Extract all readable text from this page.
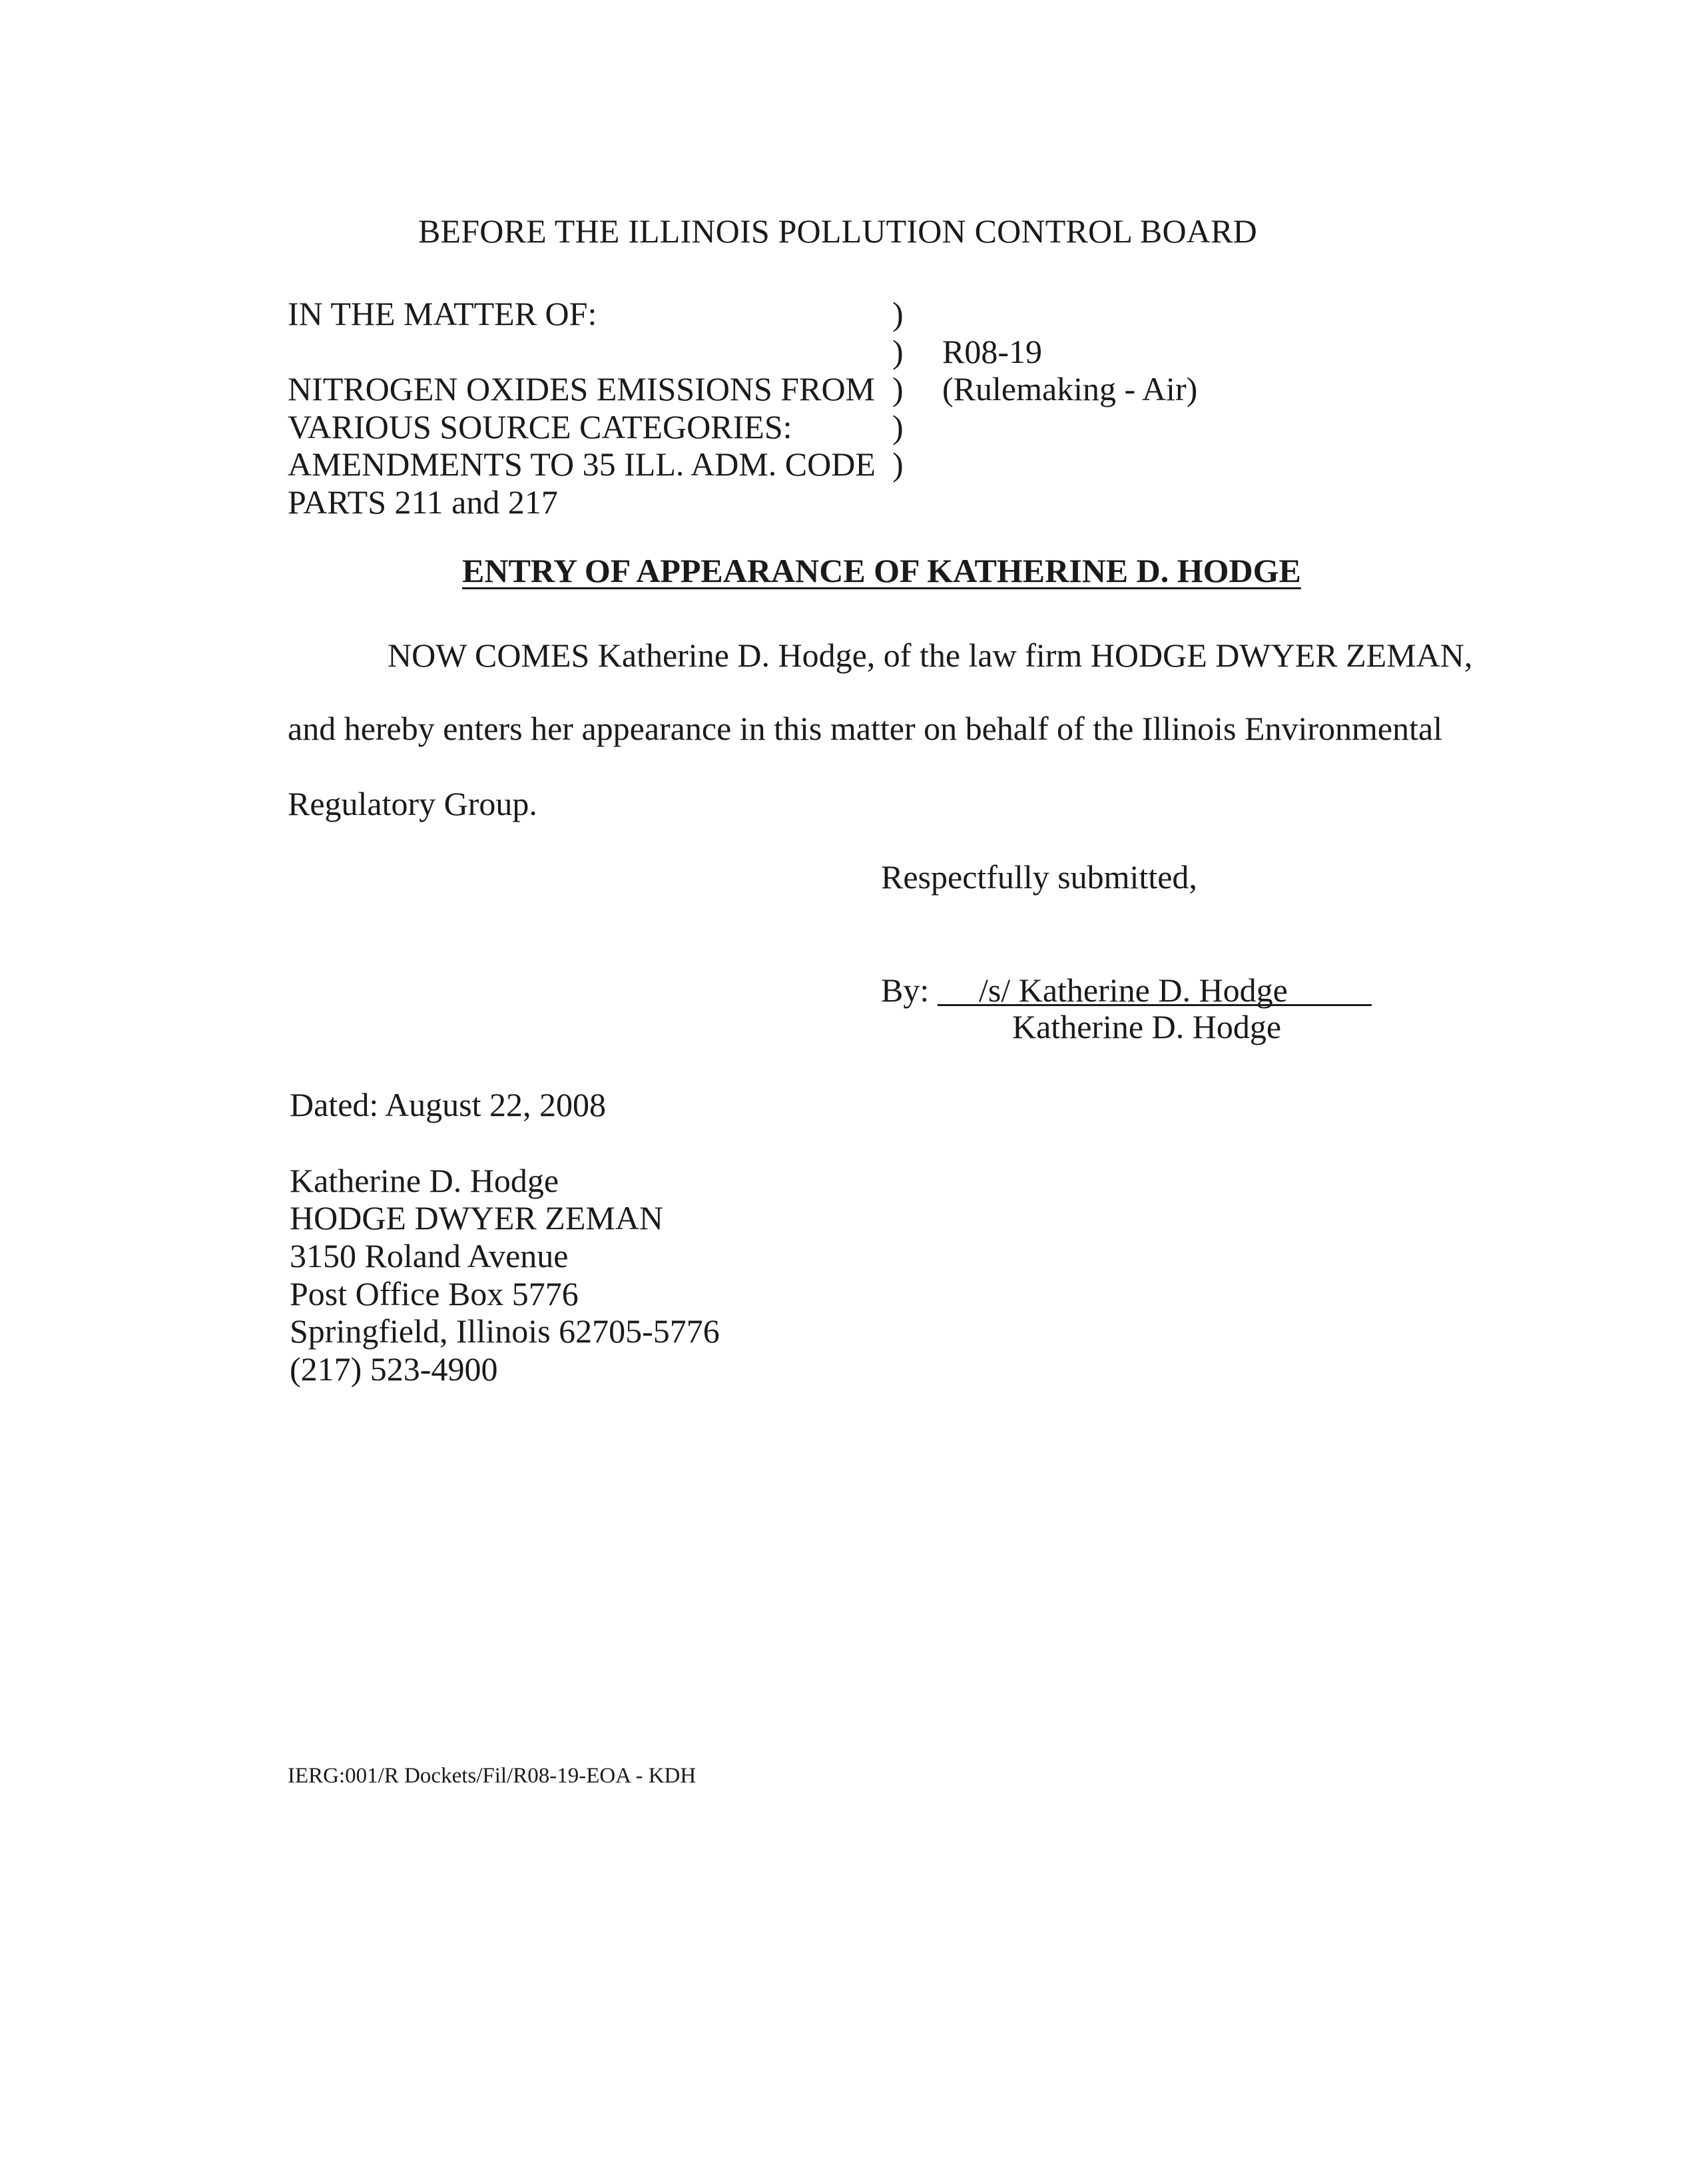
BEFORE THE ILLINOIS POLLUTION CONTROL BOARD
IN THE MATTER OF:
NITROGEN OXIDES EMISSIONS FROM
VARIOUS SOURCE CATEGORIES:
AMENDMENTS TO 35 ILL. ADM. CODE
PARTS 211 and 217
)
)
)
)
)
R08-19
(Rulemaking - Air)
ENTRY OF APPEARANCE OF KATHERINE D. HODGE
NOW COMES Katherine D. Hodge, of the law firm HODGE DWYER ZEMAN,
and hereby enters her appearance in this matter on behalf of the Illinois Environmental
Regulatory Group.
Respectfully submitted,
By: /s/ Katherine D. Hodge
Katherine D. Hodge
Dated: August 22, 2008
Katherine D. Hodge
HODGE DWYER ZEMAN
3150 Roland Avenue
Post Office Box 5776
Springfield, Illinois 62705-5776
(217) 523-4900
IERG:001/R Dockets/Fil/R08-19-EOA - KDH
